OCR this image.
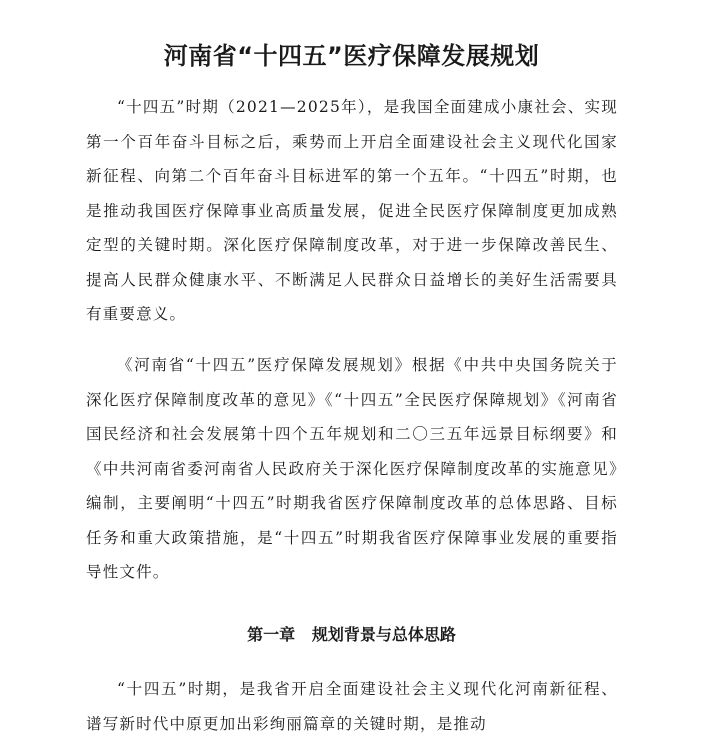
河南省“十四五”医疗保障发展规划

“十四五”时期（2021—2025年），是我国全面建成小康社会、实现第一个百年奋斗目标之后，乘势而上开启全面建设社会主义现代化国家新征程、向第二个百年奋斗目标进军的第一个五年。“十四五”时期，也是推动我国医疗保障事业高质量发展，促进全民医疗保障制度更加成熟定型的关键时期。深化医疗保障制度改革，对于进一步保障改善民生、提高人民群众健康水平、不断满足人民群众日益增长的美好生活需要具有重要意义。

《河南省“十四五”医疗保障发展规划》根据《中共中央国务院关于深化医疗保障制度改革的意见》《“十四五”全民医疗保障规划》《河南省国民经济和社会发展第十四个五年规划和二〇三五年远景目标纲要》和《中共河南省委河南省人民政府关于深化医疗保障制度改革的实施意见》编制，主要阐明“十四五”时期我省医疗保障制度改革的总体思路、目标任务和重大政策措施，是“十四五”时期我省医疗保障事业发展的重要指导性文件。

第一章   规划背景与总体思路

“十四五”时期，是我省开启全面建设社会主义现代化河南新征程、谱写新时代中原更加出彩绚丽篇章的关键时期，是推动
